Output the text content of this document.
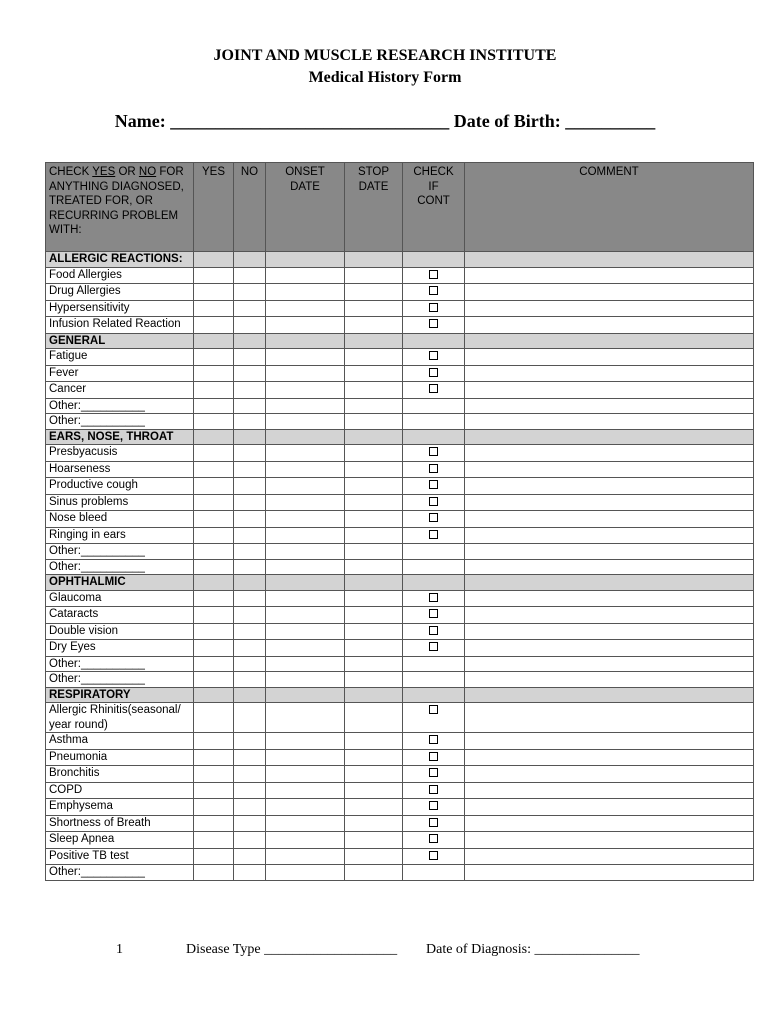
JOINT AND MUSCLE RESEARCH INSTITUTE
Medical History Form
Name: _______________________________ Date of Birth: __________
CHECK YES OR NO FOR ANYTHING DIAGNOSED, TREATED FOR, OR RECURRING PROBLEM WITH:	YES	NO	ONSET DATE	STOP DATE	CHECK IF CONT	COMMENT
ALLERGIC REACTIONS:						
Food Allergies						
Drug Allergies						
Hypersensitivity						
Infusion Related Reaction						
GENERAL						
Fatigue						
Fever						
Cancer						
Other:__________						
Other:__________						
EARS, NOSE, THROAT						
Presbyacusis						
Hoarseness						
Productive cough						
Sinus problems						
Nose bleed						
Ringing in ears						
Other:__________						
Other:__________						
OPHTHALMIC						
Glaucoma						
Cataracts						
Double vision						
Dry Eyes						
Other:__________						
Other:__________						
RESPIRATORY						
Allergic Rhinitis(seasonal/ year round)						
Asthma						
Pneumonia						
Bronchitis						
COPD						
Emphysema						
Shortness of Breath						
Sleep Apnea						
Positive TB test						
Other:__________						
1	Disease Type ___________________ Date of Diagnosis: _______________
